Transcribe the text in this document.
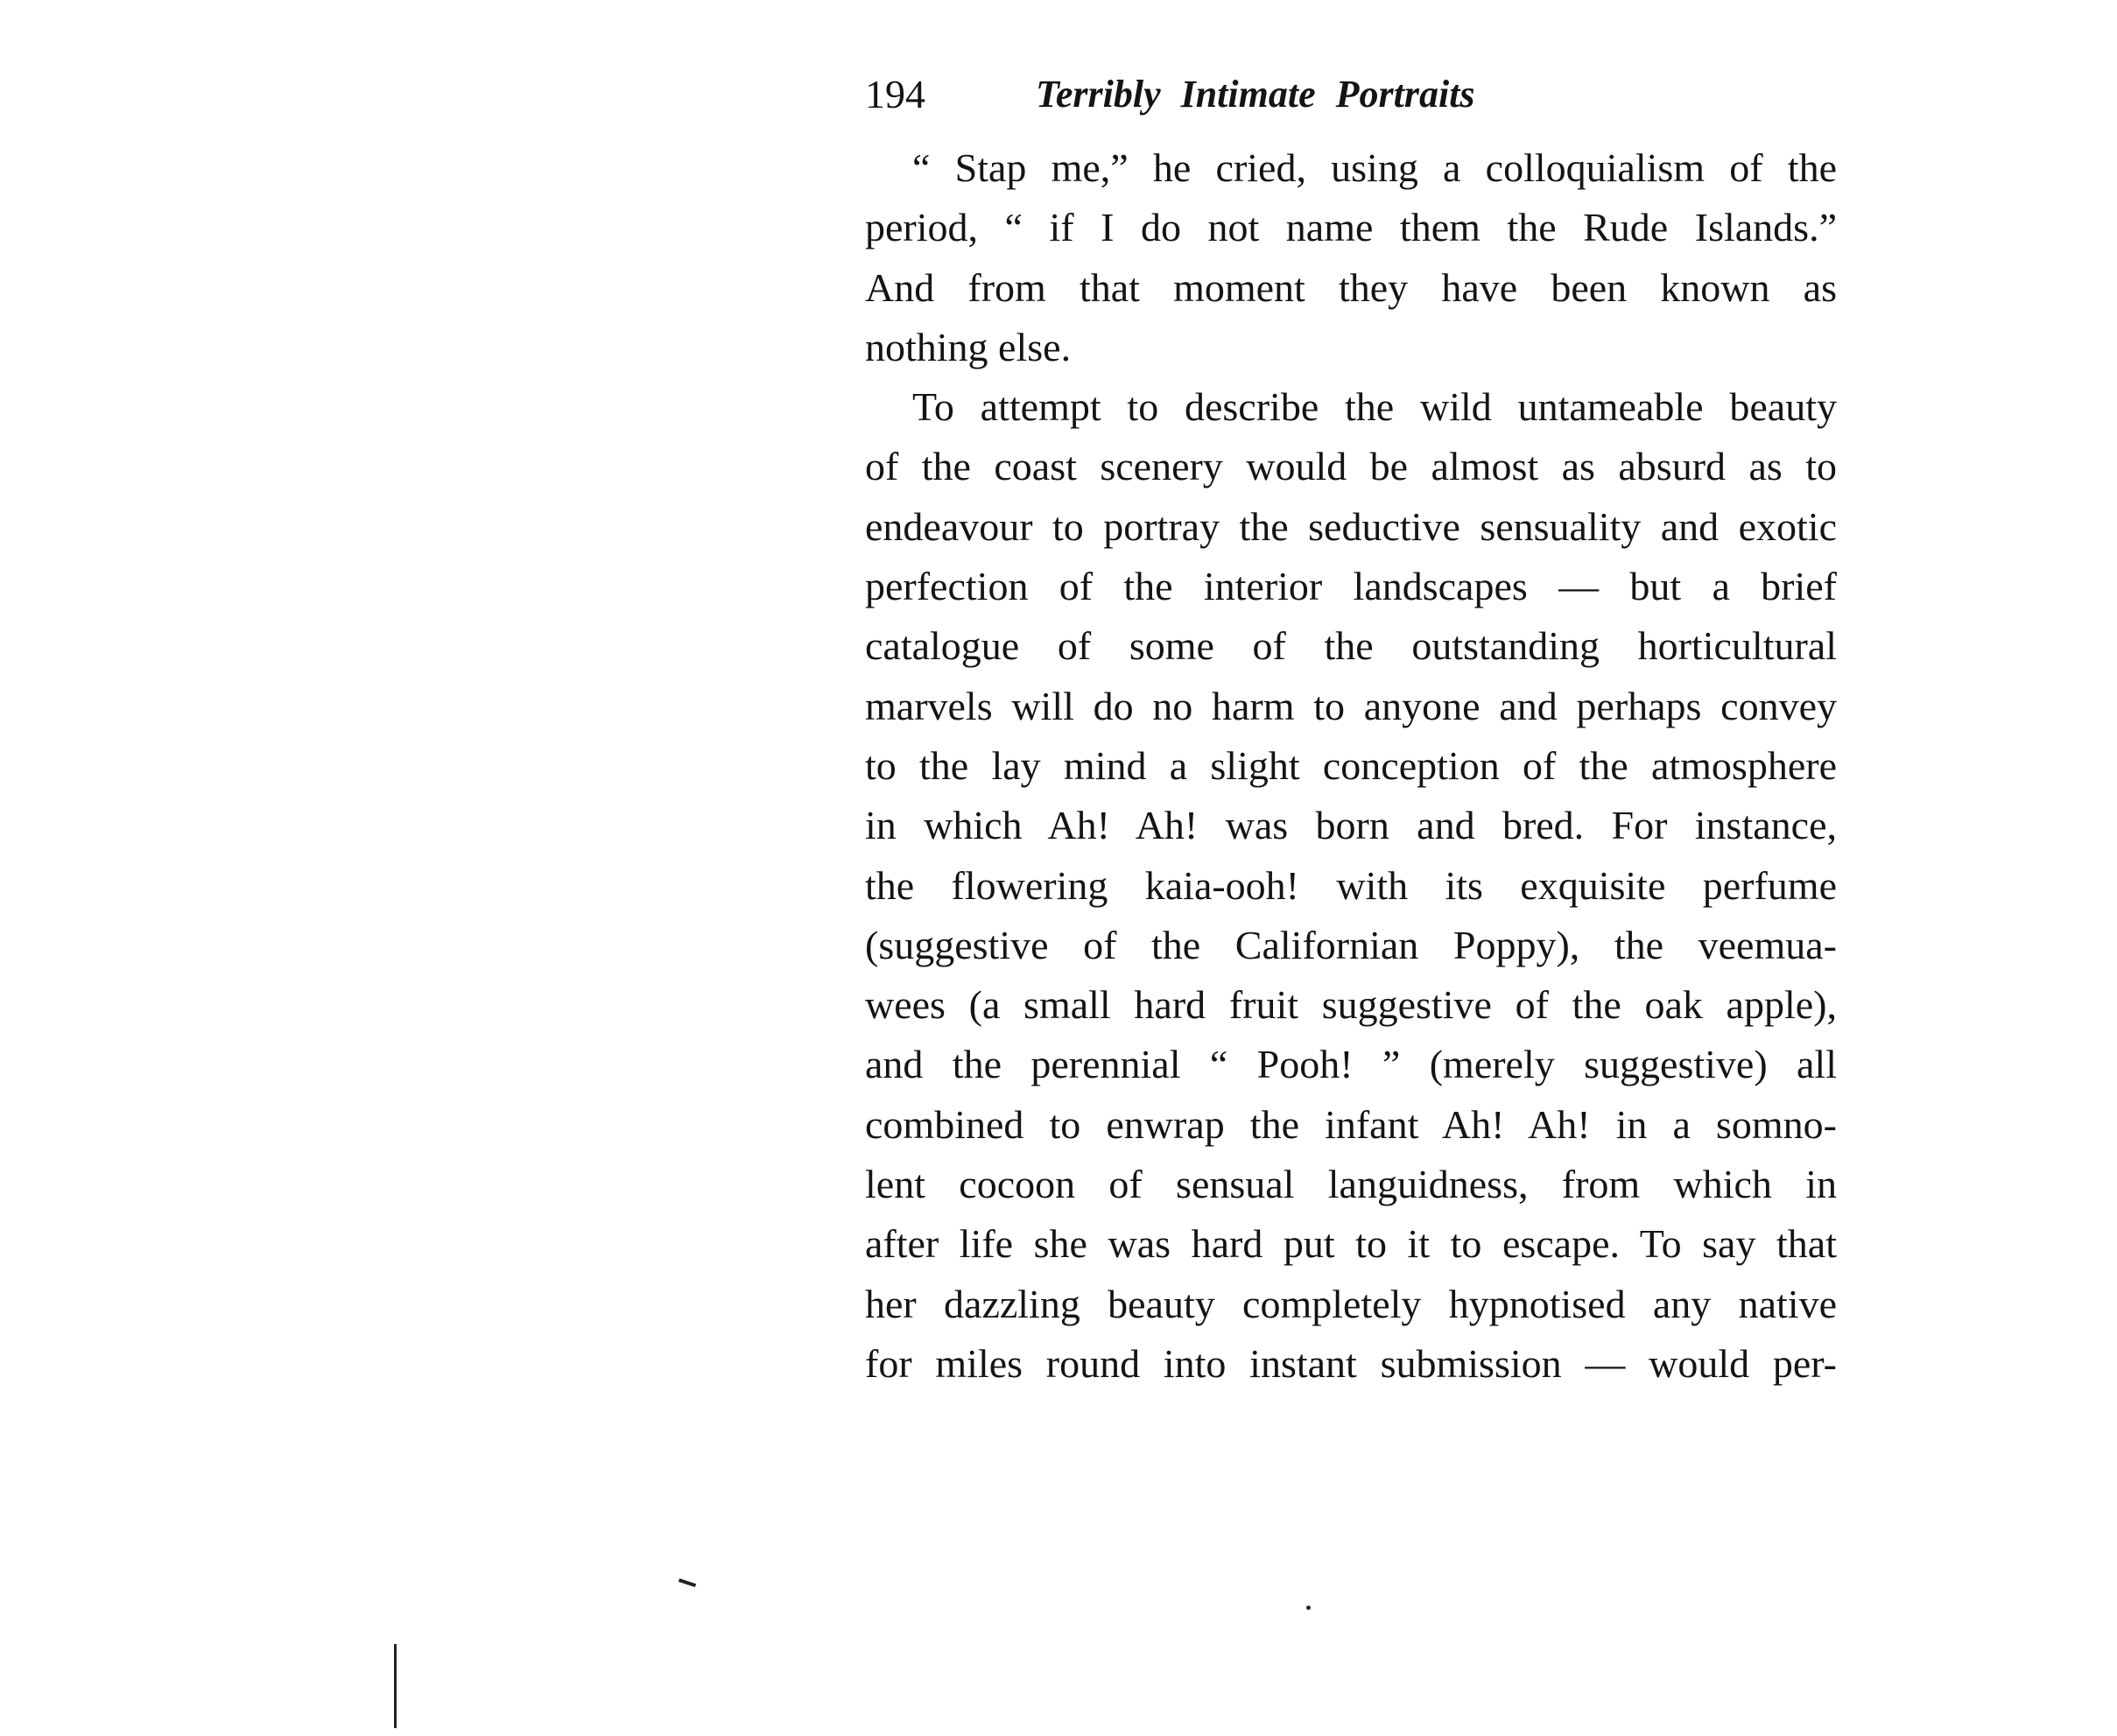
194	Terribly Intimate Portraits
“ Stap me,” he cried, using a colloquialism of the
period, “ if I do not name them the Rude Islands.”
And from that moment they have been known as
nothing else.
To attempt to describe the wild untameable beauty
of the coast scenery would be almost as absurd as to
endeavour to portray the seductive sensuality and exotic
perfection of the interior landscapes — but a brief
catalogue of some of the outstanding horticultural
marvels will do no harm to anyone and perhaps convey
to the lay mind a slight conception of the atmosphere
in which Ah! Ah! was born and bred. For instance,
the flowering kaia-ooh! with its exquisite perfume
(suggestive of the Californian Poppy), the veemua-
wees (a small hard fruit suggestive of the oak apple),
and the perennial “ Pooh! ” (merely suggestive) all
combined to enwrap the infant Ah! Ah! in a somno-
lent cocoon of sensual languidness, from which in
after life she was hard put to it to escape. To say that
her dazzling beauty completely hypnotised any native
for miles round into instant submission — would per-
